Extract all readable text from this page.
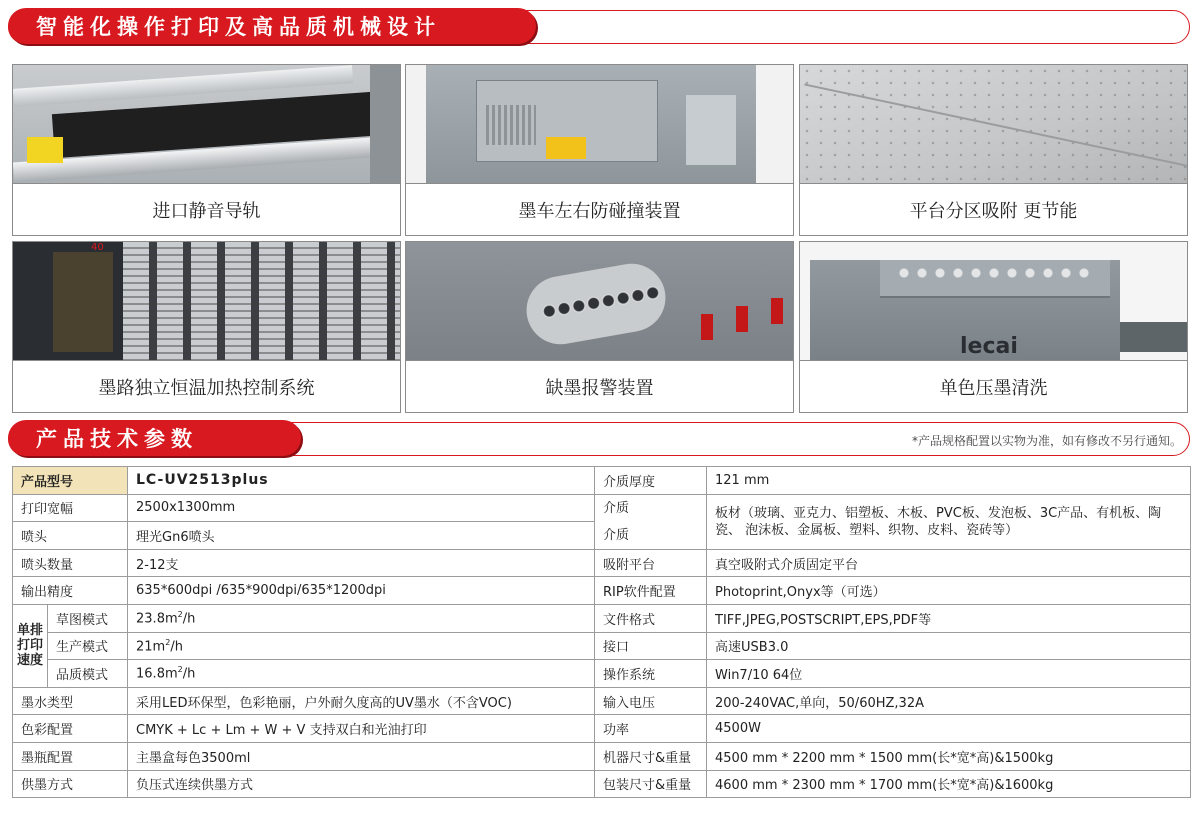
智能化操作打印及高品质机械设计
进口静音导轨	墨车左右防碰撞装置	平台分区吸附 更节能
40
墨路独立恒温加热控制系统	缺墨报警装置
lecai
单色压墨清洗
产品技术参数	*产品规格配置以实物为准，如有修改不另行通知。
产品型号		LC-UV2513plus	介质厚度	121 mm
打印宽幅		2500x1300mm	介质
介质	板材（玻璃、亚克力、铝塑板、木板、PVC板、发泡板、3C产品、有机板、陶瓷、 泡沫板、金属板、塑料、织物、皮料、瓷砖等）
喷头		理光Gn6喷头		
喷头数量		2-12支	吸附平台	真空吸附式介质固定平台
输出精度		635*600dpi /635*900dpi/635*1200dpi	RIP软件配置	Photoprint,Onyx等（可选）
单排打印速度	草图模式	$23.8m^2/h$	文件格式	TIFF,JPEG,POSTSCRIPT,EPS,PDF等
	生产模式	$21m^2/h$	接口	高速USB3.0
	品质模式	$16.8m^2/h$	操作系统	Win7/10 64位
墨水类型		采用LED环保型，色彩艳丽，户外耐久度高的UV墨水（不含VOC)	输入电压	200-240VAC,单向，50/60HZ,32A
色彩配置		CMYK + Lc + Lm + W + V 支持双白和光油打印	功率	4500W
墨瓶配置		主墨盒每色3500ml	机器尺寸&重量	4500 mm * 2200 mm * 1500 mm(长*宽*高)&1500kg
供墨方式		负压式连续供墨方式	包装尺寸&重量	4600 mm * 2300 mm * 1700 mm(长*宽*高)&1600kg
